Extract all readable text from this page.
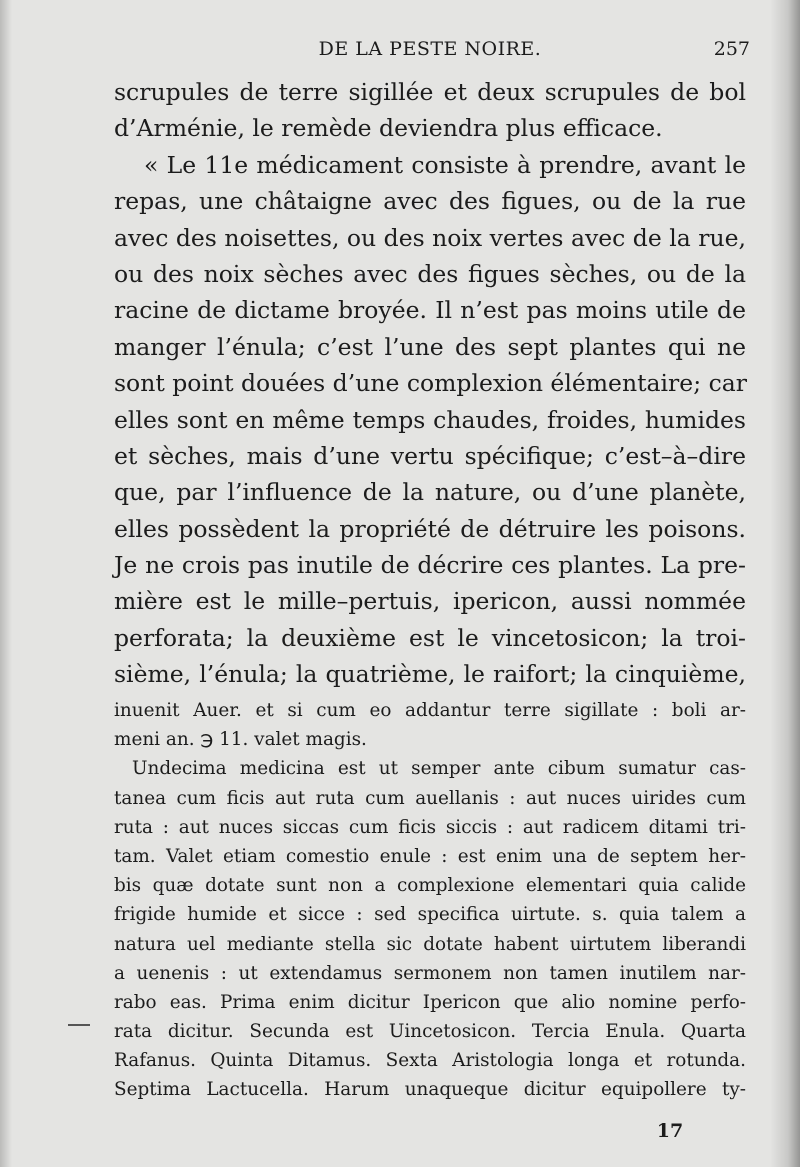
DE LA PESTE NOIRE.	257
scrupules de terre sigillée et deux scrupules de bol
d’Arménie, le remède deviendra plus efficace.
« Le 11e médicament consiste à prendre, avant le
repas, une châtaigne avec des figues, ou de la rue
avec des noisettes, ou des noix vertes avec de la rue,
ou des noix sèches avec des figues sèches, ou de la
racine de dictame broyée. Il n’est pas moins utile de
manger l’énula; c’est l’une des sept plantes qui ne
sont point douées d’une complexion élémentaire; car
elles sont en même temps chaudes, froides, humides
et sèches, mais d’une vertu spécifique; c’est–à–dire
que, par l’influence de la nature, ou d’une planète,
elles possèdent la propriété de détruire les poisons.
Je ne crois pas inutile de décrire ces plantes. La pre-
mière est le mille–pertuis, ipericon, aussi nommée
perforata; la deuxième est le vincetosicon; la troi-
sième, l’énula; la quatrième, le raifort; la cinquième,
inuenit Auer. et si cum eo addantur terre sigillate : boli ar-
meni an. ℈ 11. valet magis.
Undecima medicina est ut semper ante cibum sumatur cas-
tanea cum ficis aut ruta cum auellanis : aut nuces uirides cum
ruta : aut nuces siccas cum ficis siccis : aut radicem ditami tri-
tam. Valet etiam comestio enule : est enim una de septem her-
bis quæ dotate sunt non a complexione elementari quia calide
frigide humide et sicce : sed specifica uirtute. s. quia talem a
natura uel mediante stella sic dotate habent uirtutem liberandi
a uenenis : ut extendamus sermonem non tamen inutilem nar-
rabo eas. Prima enim dicitur Ipericon que alio nomine perfo-
rata dicitur. Secunda est Uincetosicon. Tercia Enula. Quarta
Rafanus. Quinta Ditamus. Sexta Aristologia longa et rotunda.
Septima Lactucella. Harum unaqueque dicitur equipollere ty-
17
